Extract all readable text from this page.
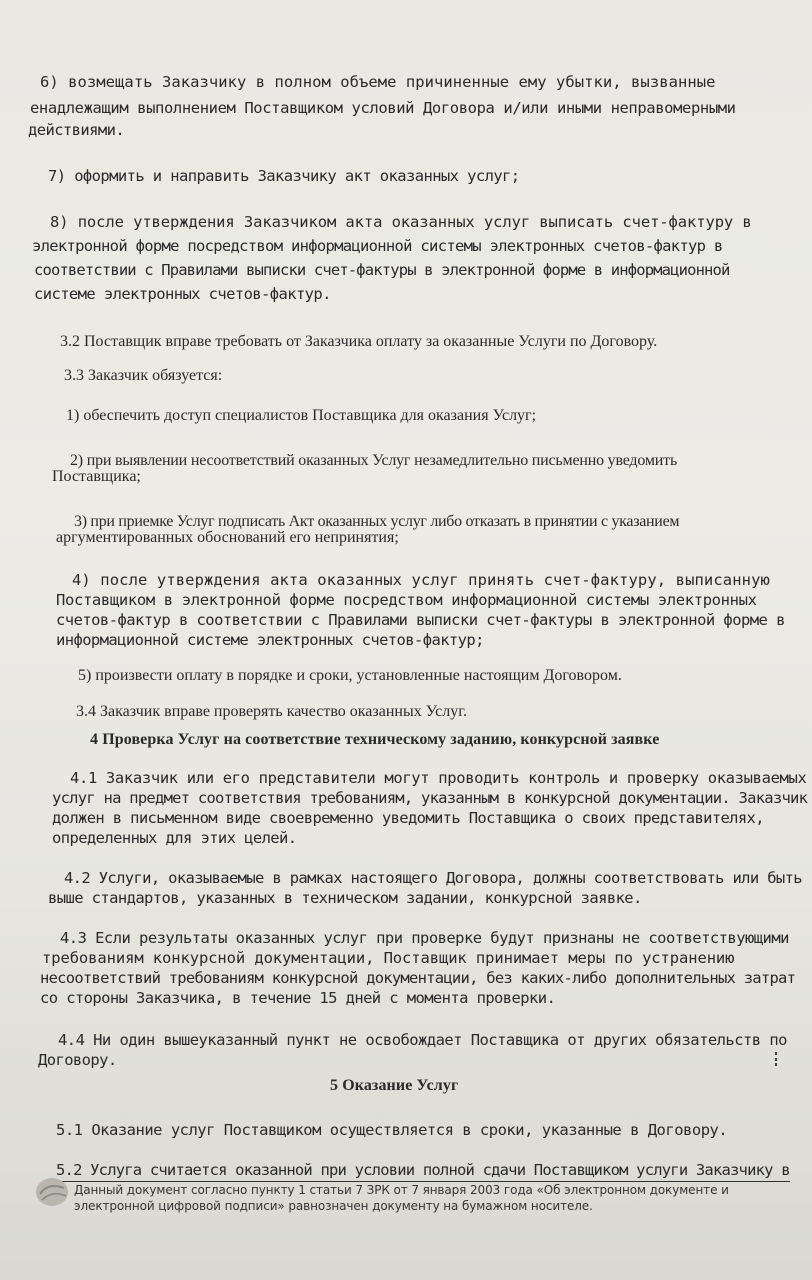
6) возмещать Заказчику в полном объеме причиненные ему убытки, вызванные

енадлежащим выполнением Поставщиком условий Договора и/или иными неправомерными

действиями.

7) оформить и направить Заказчику акт оказанных услуг;

8) после утверждения Заказчиком акта оказанных услуг выписать счет-фактуру в

электронной форме посредством информационной системы электронных счетов-фактур в

соответствии с Правилами выписки счет-фактуры в электронной форме в информационной

системе электронных счетов-фактур.

3.2 Поставщик вправе требовать от Заказчика оплату за оказанные Услуги по Договору.

3.3 Заказчик обязуется:

1) обеспечить доступ специалистов Поставщика для оказания Услуг;

2) при выявлении несоответствий оказанных Услуг незамедлительно письменно уведомить

Поставщика;

3) при приемке Услуг подписать Акт оказанных услуг либо отказать в принятии с указанием

аргументированных обоснований его непринятия;

4) после утверждения акта оказанных услуг принять счет-фактуру, выписанную

Поставщиком в электронной форме посредством информационной системы электронных

счетов-фактур в соответствии с Правилами выписки счет-фактуры в электронной форме в

информационной системе электронных счетов-фактур;

5) произвести оплату в порядке и сроки, установленные настоящим Договором.

3.4 Заказчик вправе проверять качество оказанных Услуг.

4 Проверка Услуг на соответствие техническому заданию, конкурсной заявке

4.1 Заказчик или его представители могут проводить контроль и проверку оказываемых

услуг на предмет соответствия требованиям, указанным в конкурсной документации. Заказчик

должен в письменном виде своевременно уведомить Поставщика о своих представителях,

определенных для этих целей.

4.2 Услуги, оказываемые в рамках настоящего Договора, должны соответствовать или быть

выше стандартов, указанных в техническом задании, конкурсной заявке.

4.3 Если результаты оказанных услуг при проверке будут признаны не соответствующими

требованиям конкурсной документации, Поставщик принимает меры по устранению

несоответствий требованиям конкурсной документации, без каких-либо дополнительных затрат

со стороны Заказчика, в течение 15 дней с момента проверки.

4.4 Ни один вышеуказанный пункт не освобождает Поставщика от других обязательств по

Договору.

5 Оказание Услуг

5.1 Оказание услуг Поставщиком осуществляется в сроки, указанные в Договору.

5.2 Услуга считается оказанной при условии полной сдачи Поставщиком услуги Заказчику в

Данный документ согласно пункту 1 статьи 7 ЗРК от 7 января 2003 года «Об электронном документе и

электронной цифровой подписи» равнозначен документу на бумажном носителе.
